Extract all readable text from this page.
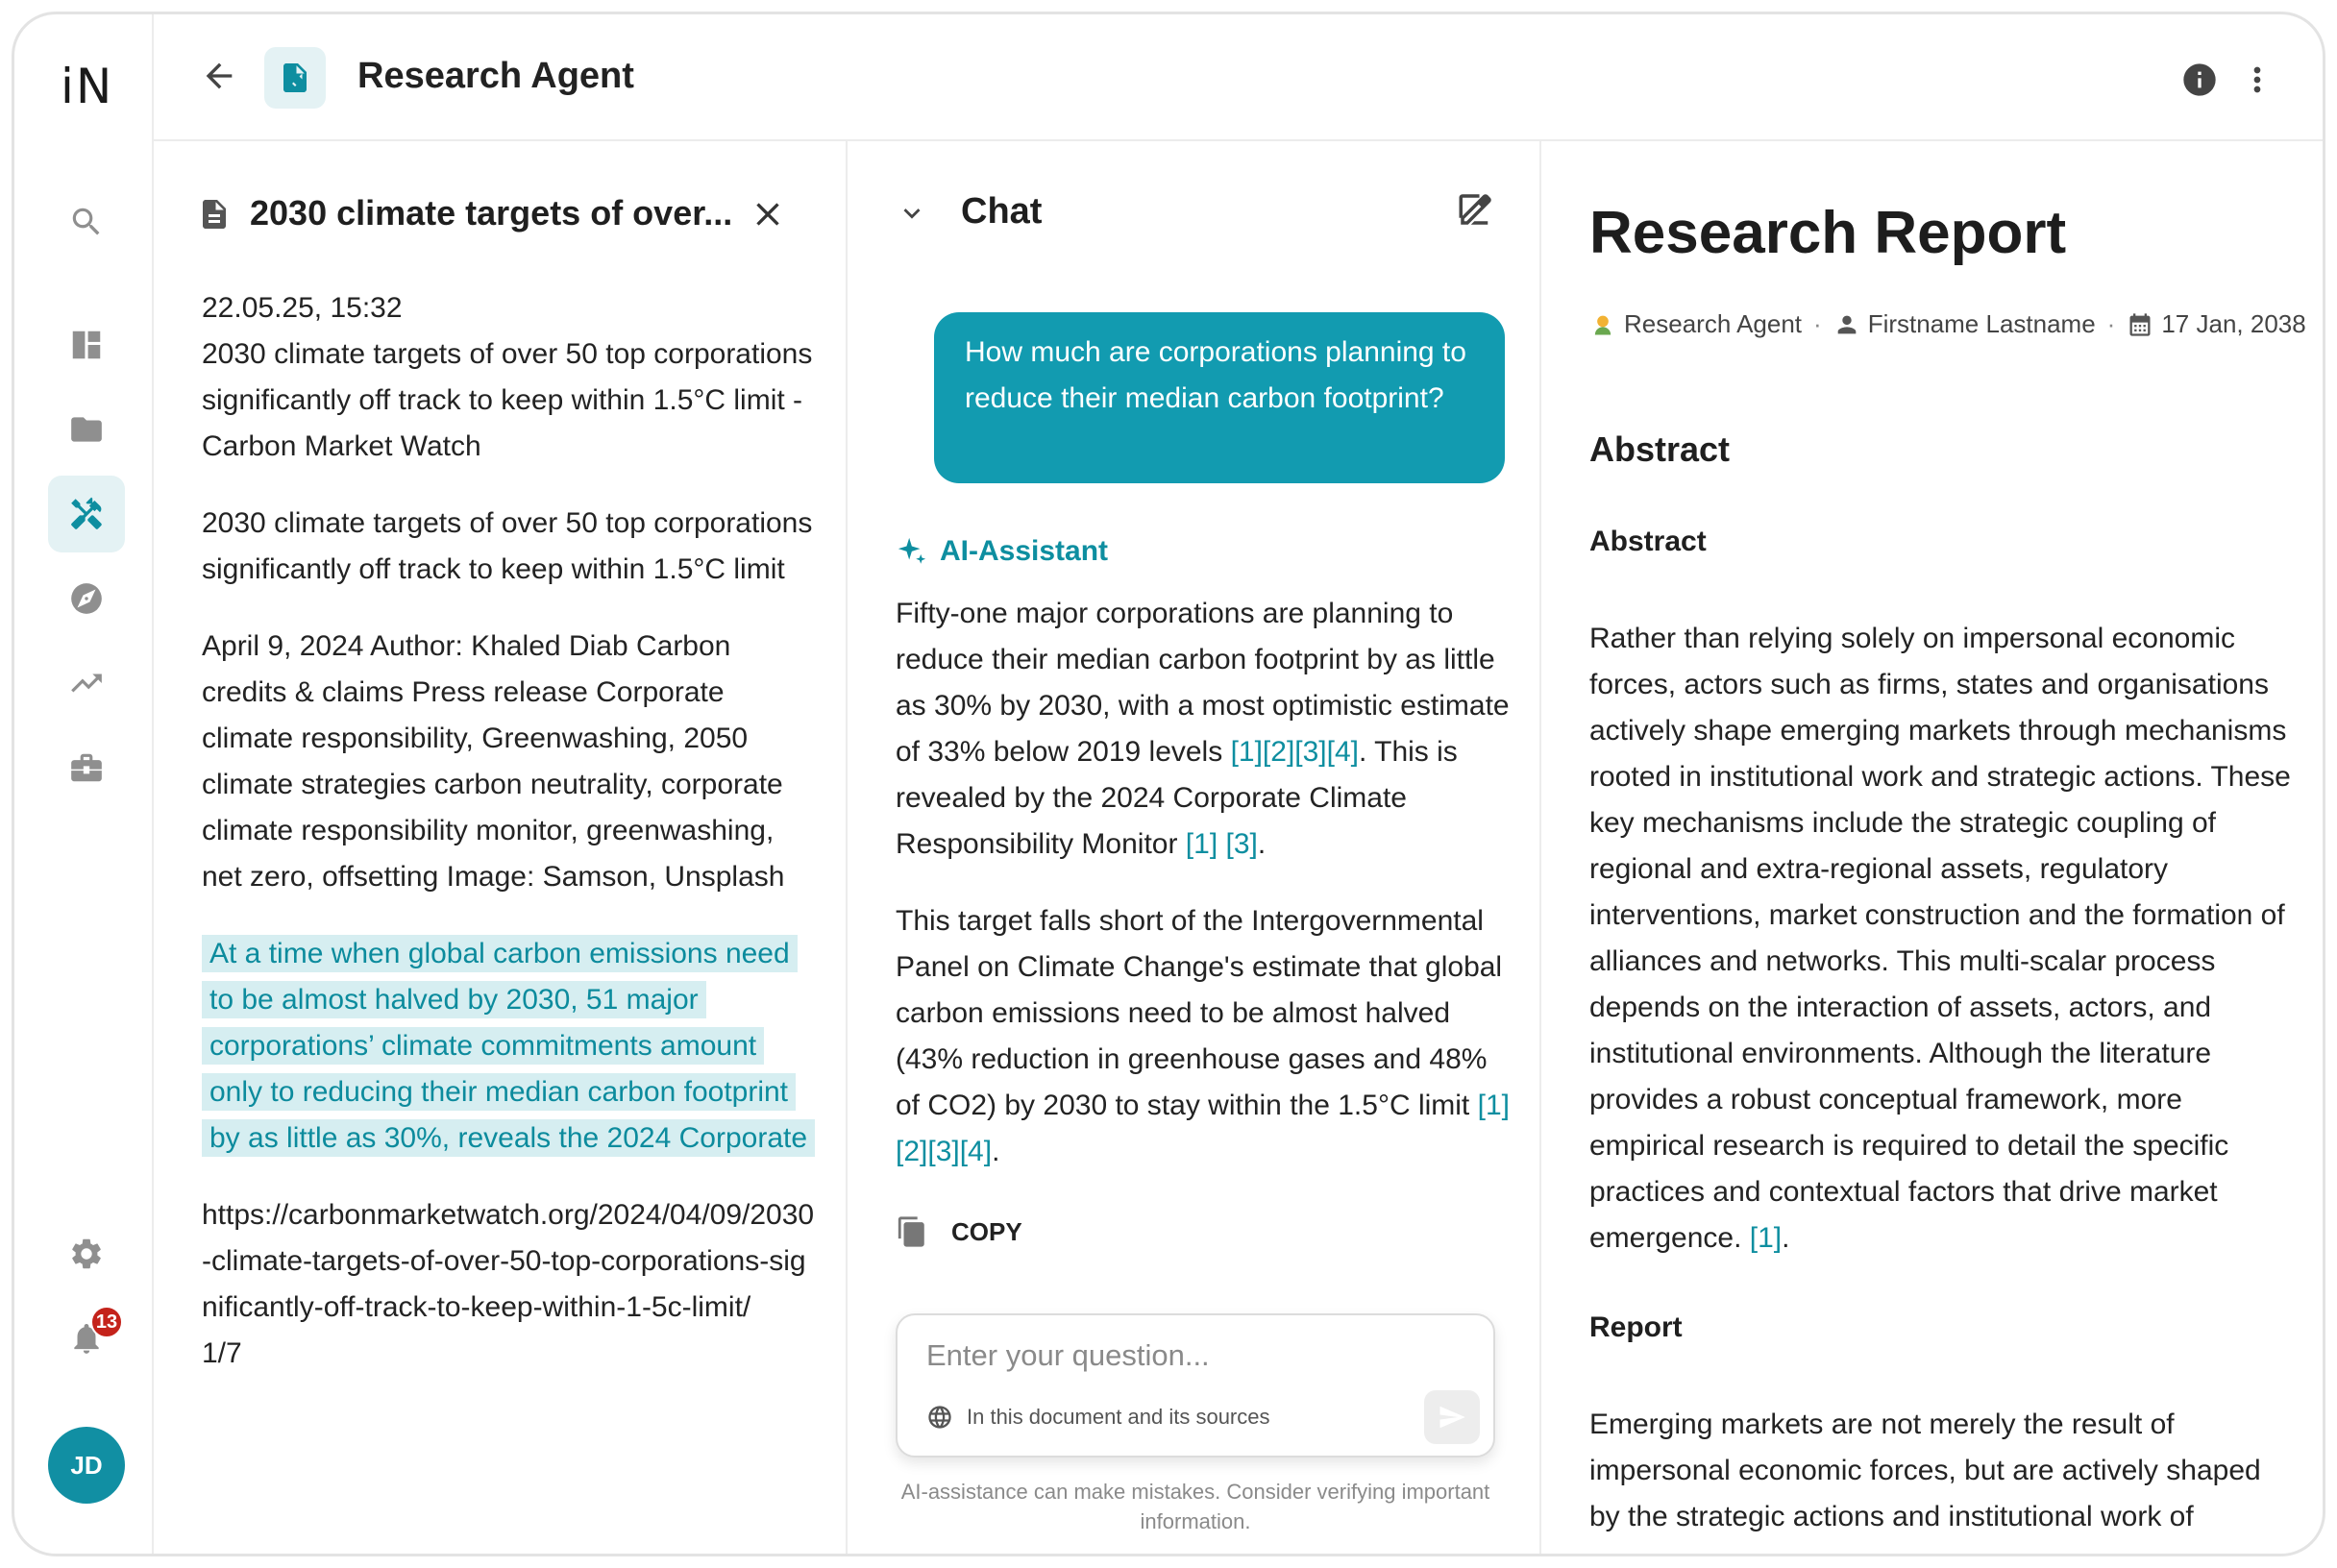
iN
13
JD
Research Agent
2030 climate targets of over...

22.05.25, 15:32
2030 climate targets of over 50 top corporations significantly off track to keep within 1.5°C limit - Carbon Market Watch

2030 climate targets of over 50 top corporations significantly off track to keep within 1.5°C limit

April 9, 2024 Author: Khaled Diab Carbon credits & claims Press release Corporate climate responsibility, Greenwashing, 2050 climate strategies carbon neutrality, corporate climate responsibility monitor, greenwashing, net zero, offsetting Image: Samson, Unsplash

At a time when global carbon emissions need to be almost halved by 2030, 51 major corporations’ climate commitments amount only to reducing their median carbon footprint by as little as 30%, reveals the 2024 Corporate

https://carbonmarketwatch.org/2024/04/09/2030-climate-targets-of-over-50-top-corporations-significantly-off-track-to-keep-within-1-5c-limit/
1/7

Chat
How much are corporations planning to reduce their median carbon footprint?
AI-Assistant

Fifty-one major corporations are planning to reduce their median carbon footprint by as little as 30% by 2030, with a most optimistic estimate of 33% below 2019 levels [1][2][3][4]. This is revealed by the 2024 Corporate Climate Responsibility Monitor [1] [3].

This target falls short of the Intergovernmental Panel on Climate Change's estimate that global carbon emissions need to be almost halved (43% reduction in greenhouse gases and 48% of CO2) by 2030 to stay within the 1.5°C limit [1][2][3][4].

COPY
Enter your question...
In this document and its sources
AI-assistance can make mistakes. Consider verifying important information.
Research Report
Research Agent · Firstname Lastname · 17 Jan, 2038
Abstract
Abstract

Rather than relying solely on impersonal economic forces, actors such as firms, states and organisations actively shape emerging markets through mechanisms rooted in institutional work and strategic actions. These key mechanisms include the strategic coupling of regional and extra-regional assets, regulatory interventions, market construction and the formation of alliances and networks. This multi-scalar process depends on the interaction of assets, actors, and institutional environments. Although the literature provides a robust conceptual framework, more empirical research is required to detail the specific practices and contextual factors that drive market emergence. [1].

Report

Emerging markets are not merely the result of impersonal economic forces, but are actively shaped by the strategic actions and institutional work of
